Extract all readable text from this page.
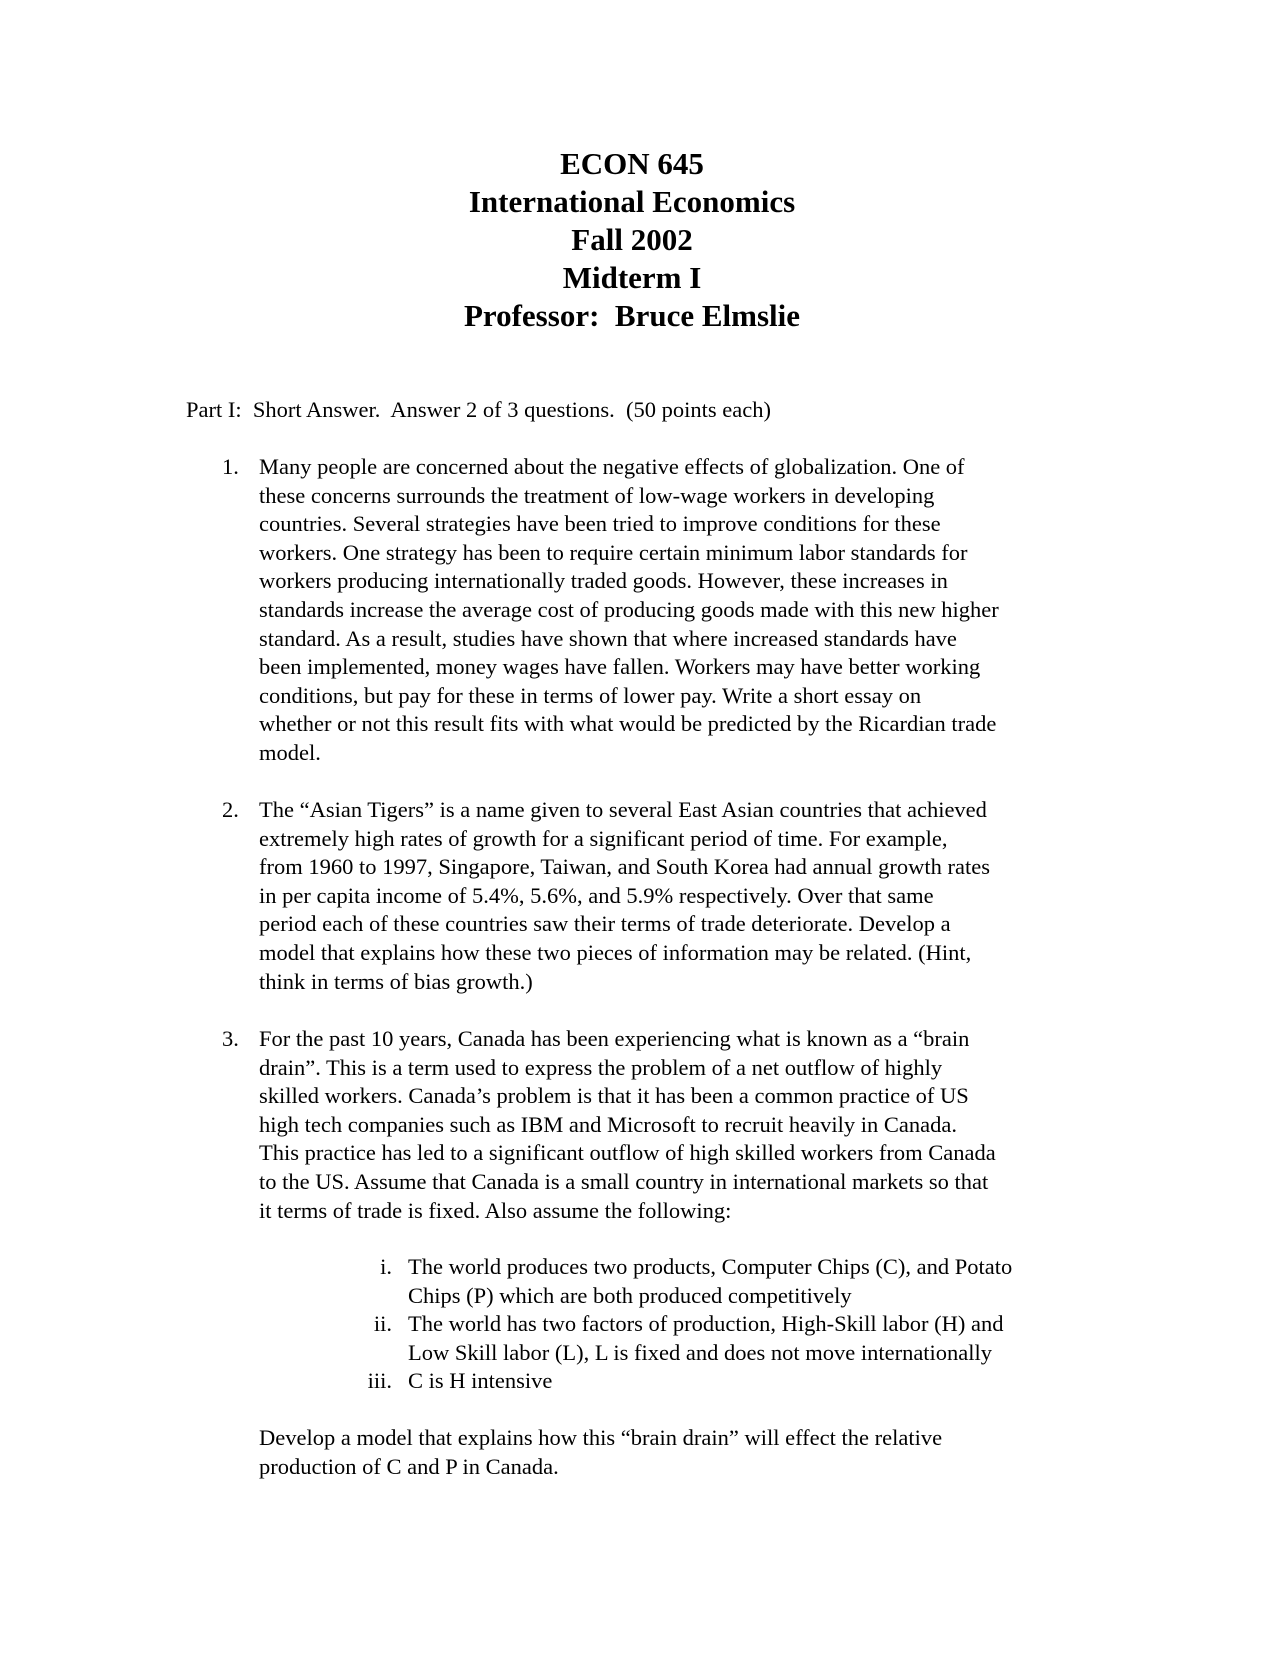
ECON 645
International Economics
Fall 2002
Midterm I
Professor:  Bruce Elmslie
Part I:  Short Answer.  Answer 2 of 3 questions.  (50 points each)
1. Many people are concerned about the negative effects of globalization. One of
these concerns surrounds the treatment of low-wage workers in developing
countries. Several strategies have been tried to improve conditions for these
workers. One strategy has been to require certain minimum labor standards for
workers producing internationally traded goods. However, these increases in
standards increase the average cost of producing goods made with this new higher
standard. As a result, studies have shown that where increased standards have
been implemented, money wages have fallen. Workers may have better working
conditions, but pay for these in terms of lower pay. Write a short essay on
whether or not this result fits with what would be predicted by the Ricardian trade
model.
2. The “Asian Tigers” is a name given to several East Asian countries that achieved
extremely high rates of growth for a significant period of time. For example,
from 1960 to 1997, Singapore, Taiwan, and South Korea had annual growth rates
in per capita income of 5.4%, 5.6%, and 5.9% respectively. Over that same
period each of these countries saw their terms of trade deteriorate. Develop a
model that explains how these two pieces of information may be related. (Hint,
think in terms of bias growth.)
3. For the past 10 years, Canada has been experiencing what is known as a “brain
drain”. This is a term used to express the problem of a net outflow of highly
skilled workers. Canada’s problem is that it has been a common practice of US
high tech companies such as IBM and Microsoft to recruit heavily in Canada.
This practice has led to a significant outflow of high skilled workers from Canada
to the US. Assume that Canada is a small country in international markets so that
it terms of trade is fixed. Also assume the following:
i. The world produces two products, Computer Chips (C), and Potato
Chips (P) which are both produced competitively
ii. The world has two factors of production, High-Skill labor (H) and
Low Skill labor (L), L is fixed and does not move internationally
iii. C is H intensive
Develop a model that explains how this “brain drain” will effect the relative
production of C and P in Canada.
